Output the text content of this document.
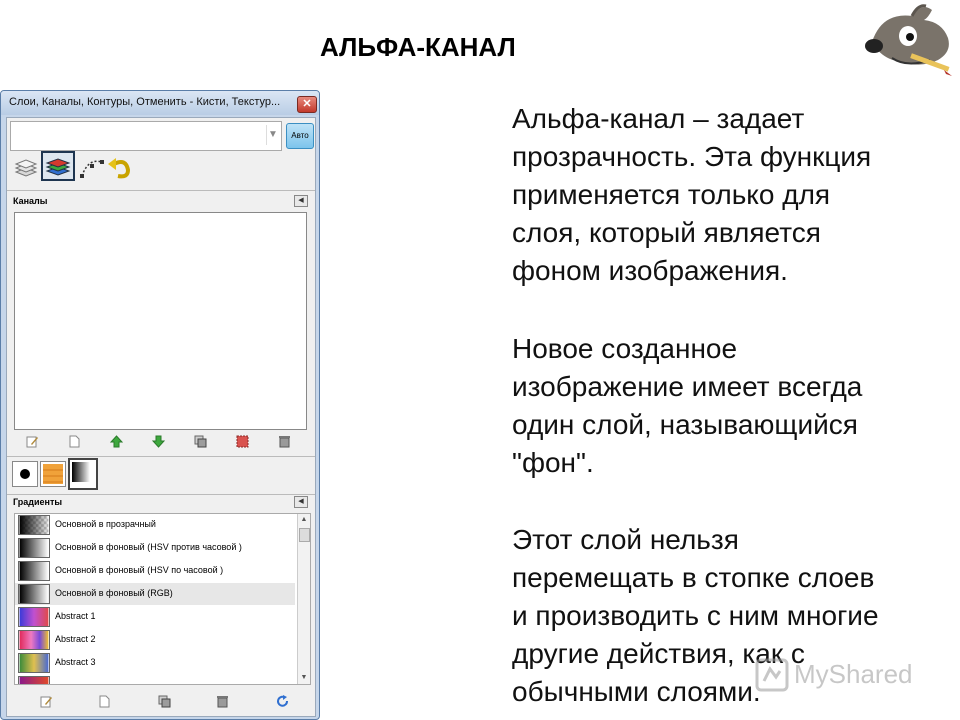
АЛЬФА-КАНАЛ
Альфа-канал – задает
прозрачность. Эта функция
применяется только для
слоя, который является
фоном изображения.
Новое созданное
изображение имеет всегда
один слой, называющийся
"фон".
Этот слой нельзя
перемещать в стопке слоев
и производить с ним многие
другие действия, как с
обычными слоями.
MyShared
Слои, Каналы, Контуры, Отменить - Кисти, Текстур...	✕
▼	Авто
Каналы	◀
Градиенты	◀
Основной в прозрачный
Основной в фоновый (HSV против часовой )
Основной в фоновый (HSV по часовой )
Основной в фоновый (RGB)
Abstract 1
Abstract 2
Abstract 3
▲
▼
